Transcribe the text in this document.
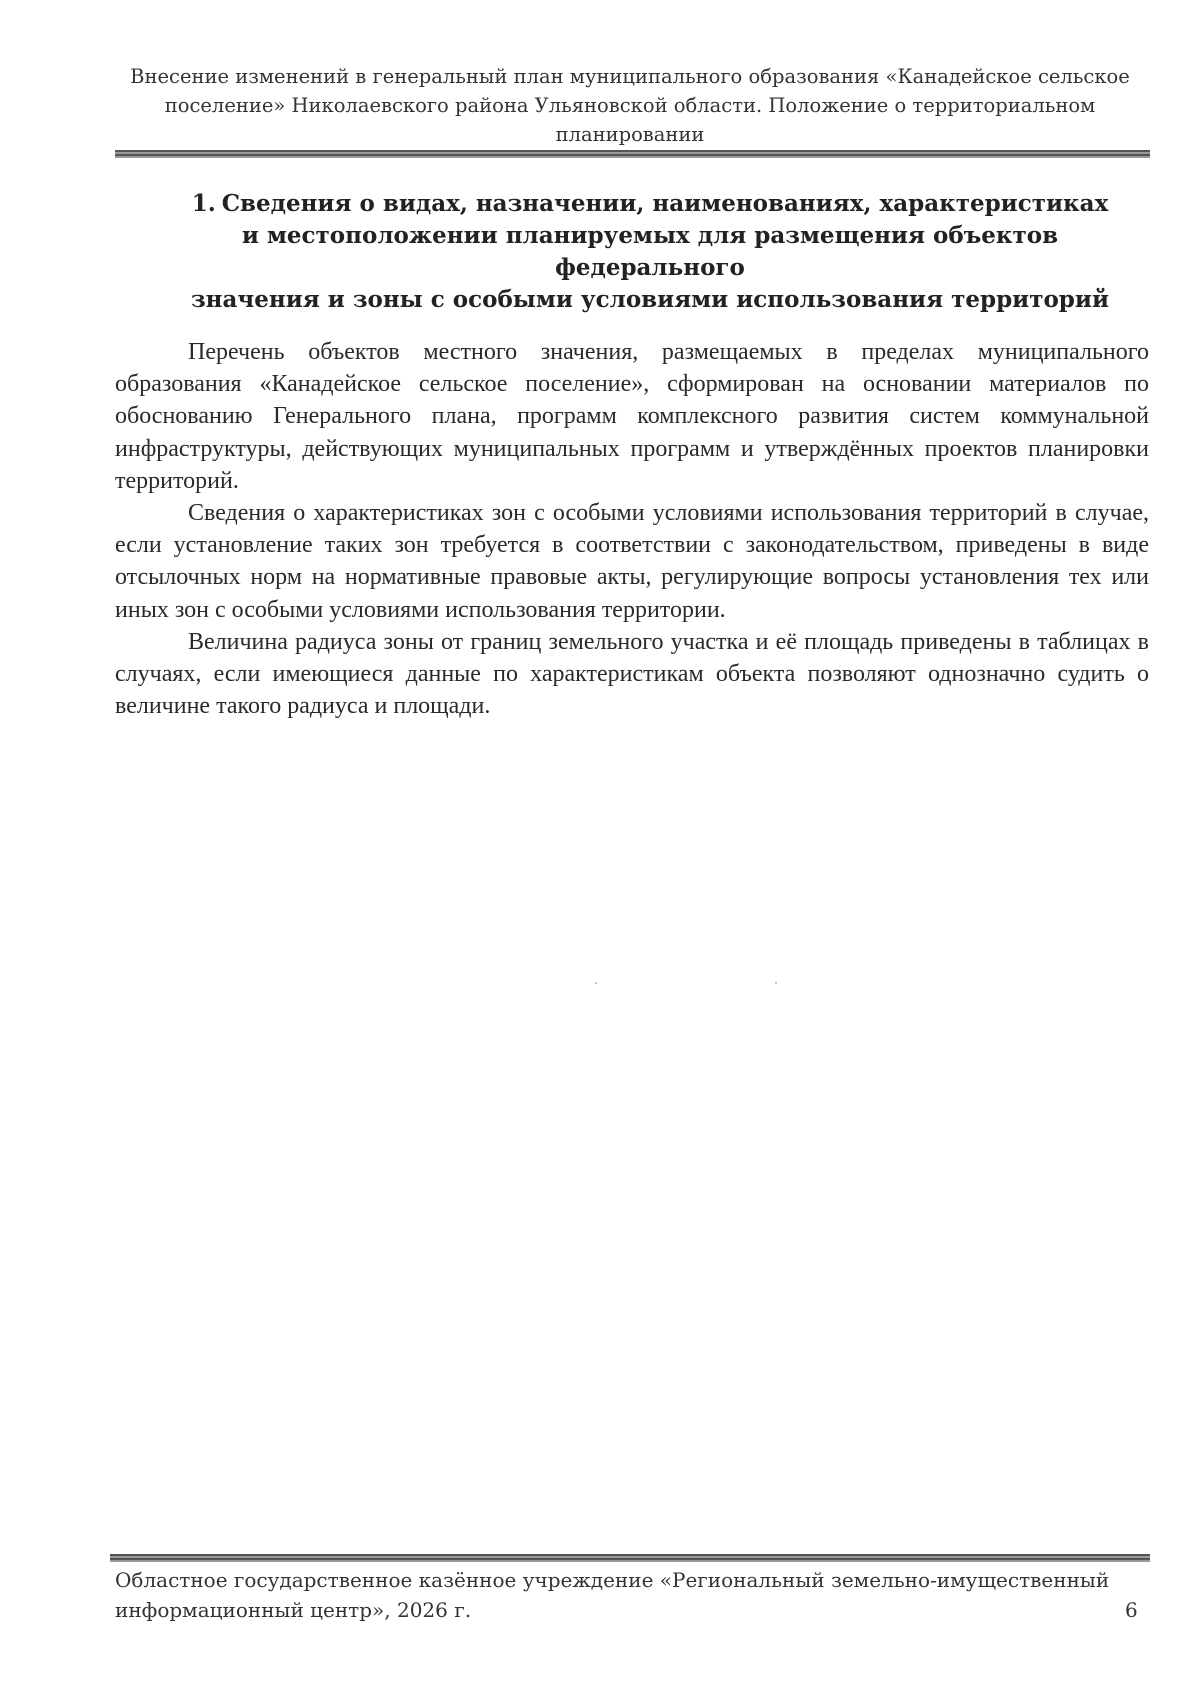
Внесение изменений в генеральный план муниципального образования «Канадейское сельское
поселение» Николаевского района Ульяновской области. Положение о территориальном
планировании
1. Сведения о видах, назначении, наименованиях, характеристиках
и местоположении планируемых для размещения объектов федерального
значения и зоны с особыми условиями использования территорий

Перечень объектов местного значения, размещаемых в пределах муниципального образования «Канадейское сельское поселение», сформирован на основании материалов по обоснованию Генерального плана, программ комплексного развития систем коммунальной инфраструктуры, действующих муниципальных программ и утверждённых проектов планировки территорий.

Сведения о характеристиках зон с особыми условиями использования территорий в случае, если установление таких зон требуется в соответствии с законодательством, приведены в виде отсылочных норм на нормативные правовые акты, регулирующие вопросы установления тех или иных зон с особыми условиями использования территории.

Величина радиуса зоны от границ земельного участка и её площадь приведены в таблицах в случаях, если имеющиеся данные по характеристикам объекта позволяют однозначно судить о величине такого радиуса и площади.

Областное государственное казённое учреждение «Региональный земельно-имущественный
информационный центр», 2026 г.	6
